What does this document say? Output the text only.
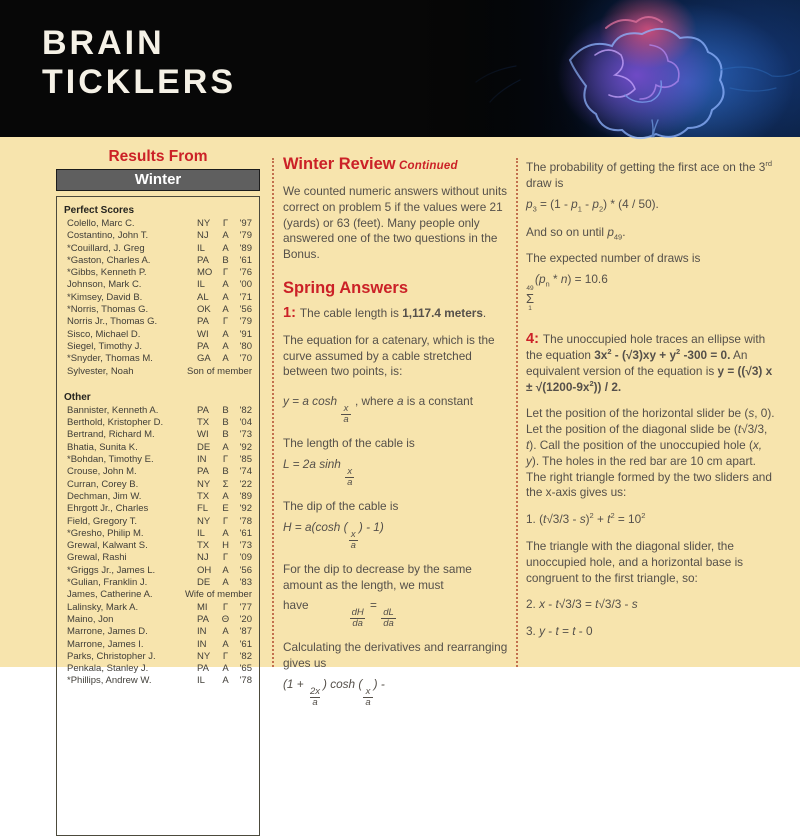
BRAIN
TICKLERS
Results From
Winter
Perfect Scores
Colello, Marc C.	NY	Γ	'97
Costantino, John T.	NJ	A	'79
*Couillard, J. Greg	IL	A	'89
*Gaston, Charles A.	PA	B	'61
*Gibbs, Kenneth P.	MO	Γ	'76
Johnson, Mark C.	IL	A	'00
*Kimsey, David B.	AL	A	'71
*Norris, Thomas G.	OK	A	'56
Norris Jr., Thomas G.	PA	Γ	'79
Sisco, Michael D.	WI	A	'91
Siegel, Timothy J.	PA	A	'80
*Snyder, Thomas M.	GA	A	'70
Sylvester, Noah	Son of member
Other
Bannister, Kenneth A.	PA	B	'82
Berthold, Kristopher D.	TX	B	'04
Bertrand, Richard M.	WI	B	'73
Bhatia, Sunita K.	DE	A	'92
*Bohdan, Timothy E.	IN	Γ	'85
Crouse, John M.	PA	B	'74
Curran, Corey B.	NY	Σ	'22
Dechman, Jim W.	TX	A	'89
Ehrgott Jr., Charles	FL	E	'92
Field, Gregory T.	NY	Γ	'78
*Gresho, Philip M.	IL	A	'61
Grewal, Kalwant S.	TX	H	'73
Grewal, Rashi	NJ	Γ	'09
*Griggs Jr., James L.	OH	A	'56
*Gulian, Franklin J.	DE	A	'83
James, Catherine A.	Wife of member
Lalinsky, Mark A.	MI	Γ	'77
Maino, Jon	PA	Θ	'20
Marrone, James D.	IN	A	'87
Marrone, James I.	IN	A	'61
Parks, Christopher J.	NY	Γ	'82
Penkala, Stanley J.	PA	A	'65
*Phillips, Andrew W.	IL	A	'78
Winter Review Continued
We counted numeric answers without units correct on problem 5 if the values were 21 (yards) or 63 (feet). Many people only answered one of the two questions in the Bonus.
Spring Answers
1: The cable length is 1,117.4 meters.
The equation for a catenary, which is the curve assumed by a cable stretched between two points, is:
y = a cosh
$\frac{x}{a}$
, where a is a constant
The length of the cable is
L = 2a sinh
$\frac{x}{a}$
The dip of the cable is
H = a(cosh (
$\frac{x}{a}$
) - 1)
For the dip to decrease by the same amount as the length, we must
have
$\frac{dH}{da}$
=
$\frac{dL}{da}$
Calculating the derivatives and rearranging gives us
(1 +
$\frac{2x}{a}$
) cosh (
$\frac{x}{a}$
) -
The probability of getting the first ace on the 3rd draw is
$p_3 = (1 - p_1 - p_2) * (4 / 50)$.
And so on until $p_{49}$.
The expected number of draws is
49
Σ
1
$(p_n * n) = 10.6$
4: The unoccupied hole traces an ellipse with the equation $3x^2 - (√3)xy + y^2$ -300 = 0. An equivalent version of the equation is y = ((√3) $x \pm √(1200-9x^2)) / 2$.
Let the position of the horizontal slider be (s, 0). Let the position of the diagonal slide be (t√3/3, t). Call the position of the unoccupied hole (x, y). The holes in the red bar are 10 cm apart. The right triangle formed by the two sliders and the x-axis gives us:
1. $(t√3/3 - s)^2 + t^2 = 10^2$
The triangle with the diagonal slider, the unoccupied hole, and a horizontal base is congruent to the first triangle, so:
2. x - t√3/3 = t√3/3 - s
3. y - t = t - 0
